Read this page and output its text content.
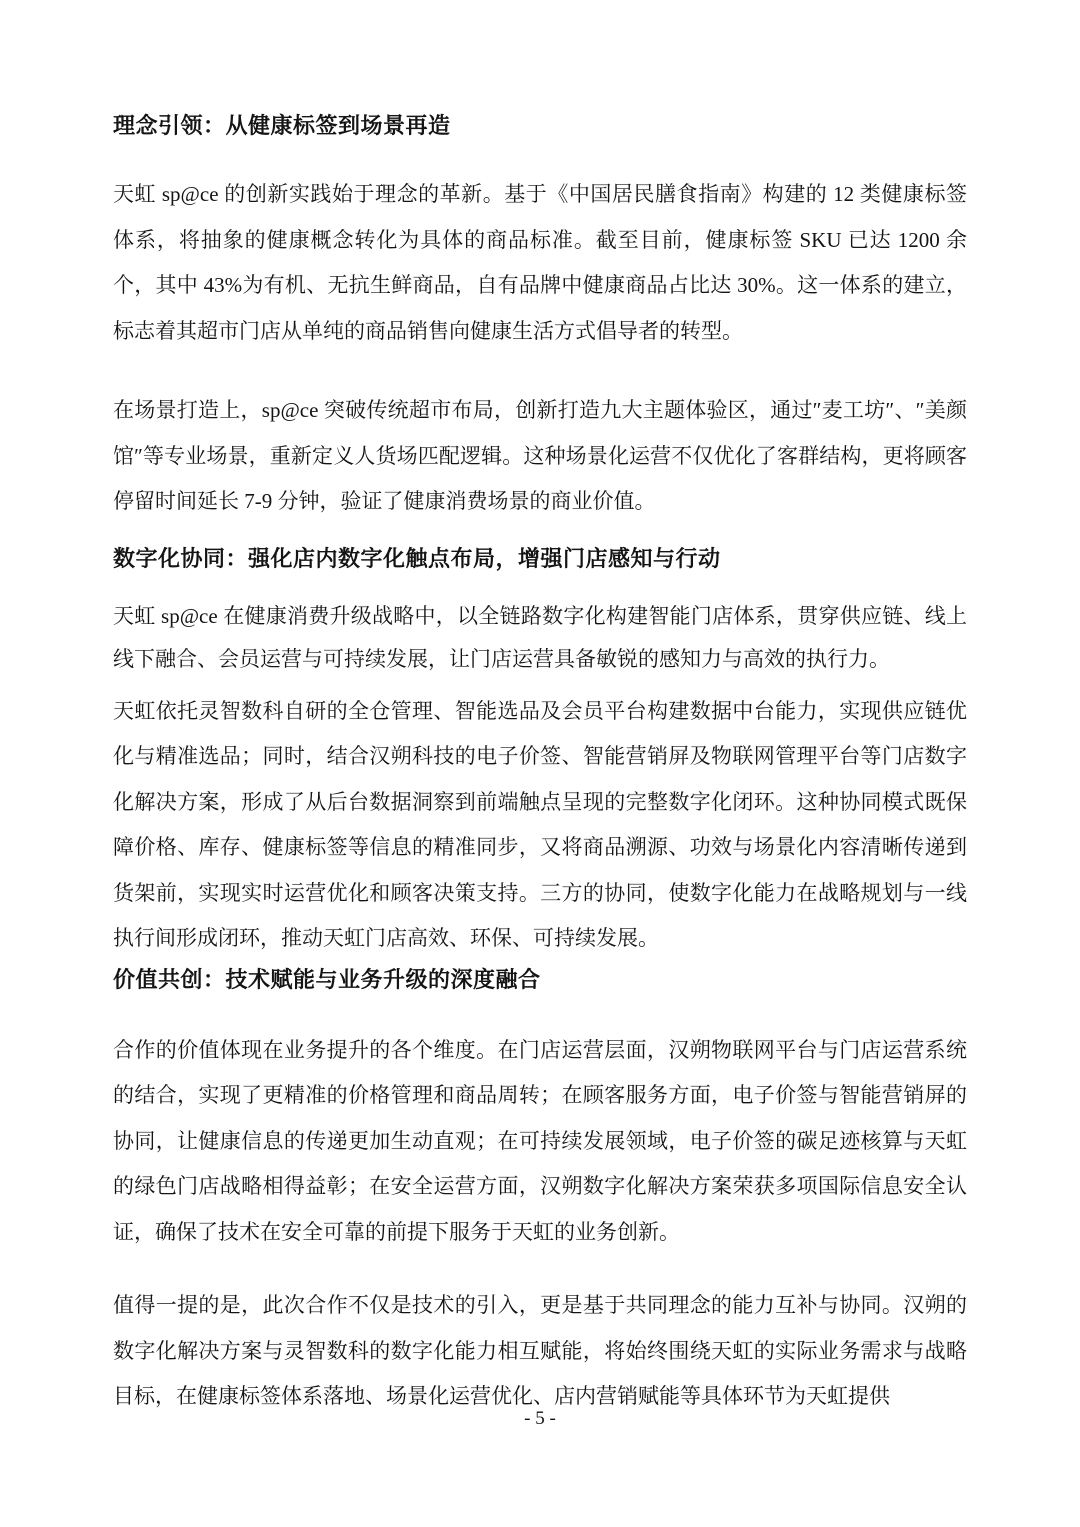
理念引领：从健康标签到场景再造

天虹 sp@ce 的创新实践始于理念的革新。基于《中国居民膳食指南》构建的 12 类健康标签体系，将抽象的健康概念转化为具体的商品标准。截至目前，健康标签 SKU 已达 1200 余个，其中 43%为有机、无抗生鲜商品，自有品牌中健康商品占比达 30%。这一体系的建立，标志着其超市门店从单纯的商品销售向健康生活方式倡导者的转型。

在场景打造上，sp@ce 突破传统超市布局，创新打造九大主题体验区，通过″麦工坊″、″美颜馆″等专业场景，重新定义人货场匹配逻辑。这种场景化运营不仅优化了客群结构，更将顾客停留时间延长 7-9 分钟，验证了健康消费场景的商业价值。

数字化协同：强化店内数字化触点布局，增强门店感知与行动

天虹 sp@ce 在健康消费升级战略中，以全链路数字化构建智能门店体系，贯穿供应链、线上线下融合、会员运营与可持续发展，让门店运营具备敏锐的感知力与高效的执行力。

天虹依托灵智数科自研的全仓管理、智能选品及会员平台构建数据中台能力，实现供应链优化与精准选品；同时，结合汉朔科技的电子价签、智能营销屏及物联网管理平台等门店数字化解决方案，形成了从后台数据洞察到前端触点呈现的完整数字化闭环。这种协同模式既保障价格、库存、健康标签等信息的精准同步，又将商品溯源、功效与场景化内容清晰传递到货架前，实现实时运营优化和顾客决策支持。三方的协同，使数字化能力在战略规划与一线执行间形成闭环，推动天虹门店高效、环保、可持续发展。

价值共创：技术赋能与业务升级的深度融合

合作的价值体现在业务提升的各个维度。在门店运营层面，汉朔物联网平台与门店运营系统的结合，实现了更精准的价格管理和商品周转；在顾客服务方面，电子价签与智能营销屏的协同，让健康信息的传递更加生动直观；在可持续发展领域，电子价签的碳足迹核算与天虹的绿色门店战略相得益彰；在安全运营方面，汉朔数字化解决方案荣获多项国际信息安全认证，确保了技术在安全可靠的前提下服务于天虹的业务创新。

值得一提的是，此次合作不仅是技术的引入，更是基于共同理念的能力互补与协同。汉朔的数字化解决方案与灵智数科的数字化能力相互赋能，将始终围绕天虹的实际业务需求与战略目标，在健康标签体系落地、场景化运营优化、店内营销赋能等具体环节为天虹提供

- 5 -
